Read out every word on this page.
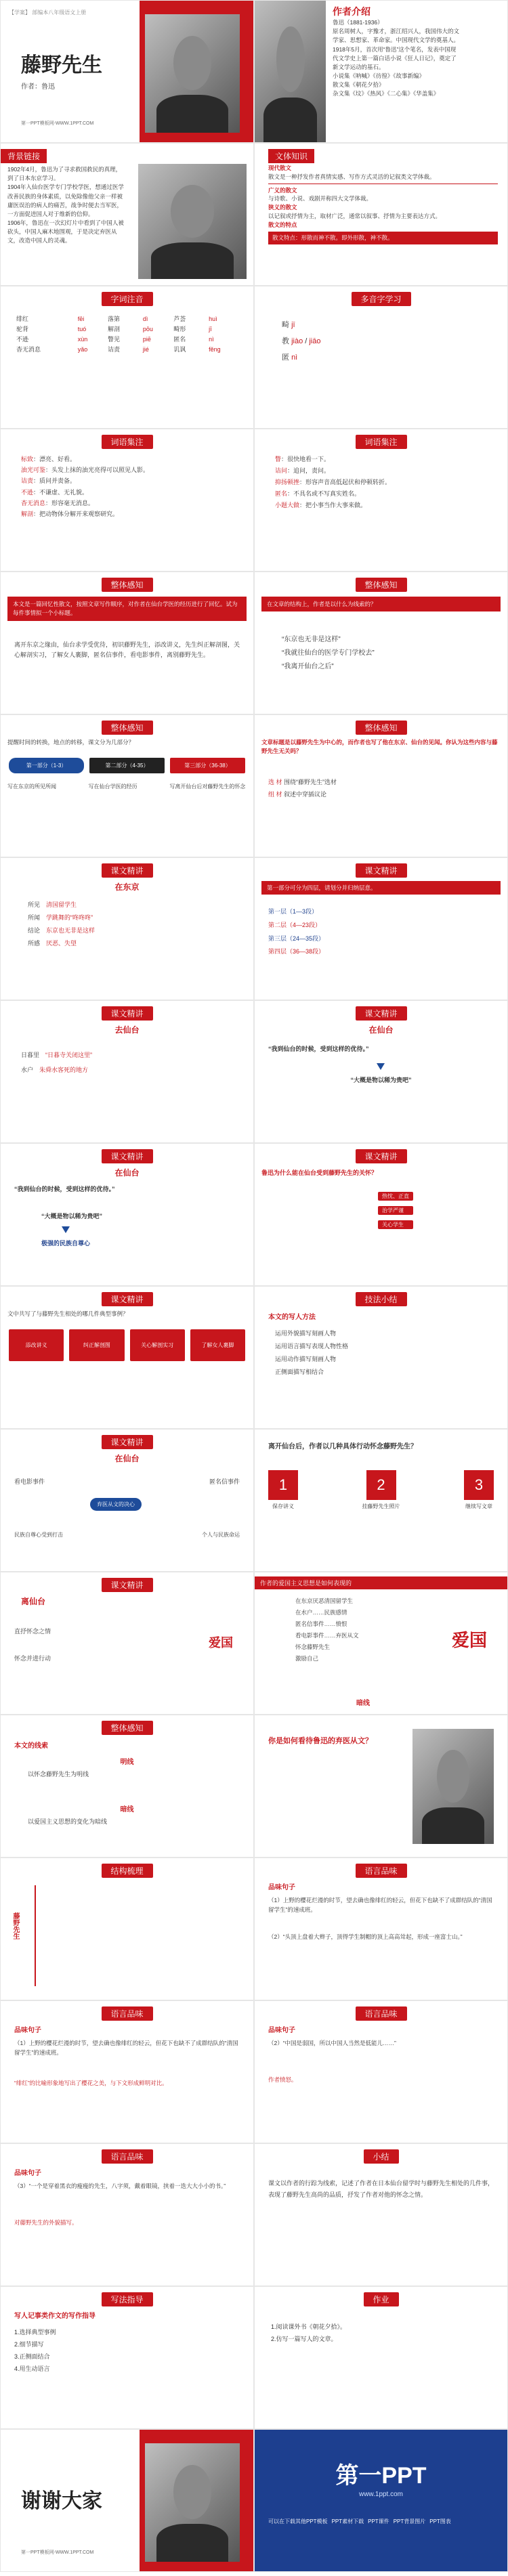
【学案】 部编本八年级语文上册
藤野先生
作者：鲁迅
第一PPT模板网-WWW.1PPT.COM
作者介绍
鲁迅（1881-1936）
原名周树人，字豫才，浙江绍兴人，我国伟大的文
学家、思想家、革命家。中国现代文学的奠基人。
1918年5月，首次用“鲁迅”这个笔名，发表中国现
代文学史上第一篇白话小说《狂人日记》，奠定了
新文学运动的基石。
小说集《呐喊》《彷徨》《故事新编》
散文集《朝花夕拾》
杂文集《坟》《热风》《二心集》《华盖集》
背景链接
1902年4月，鲁迅为了寻求救国救民的真理，到了日本东京学习。
1904年入仙台医学专门学校学医，想通过医学改善民族的身体素质，以免除像他父亲一样被庸医误治的病人的痛苦，战争时便去当军医，一方面促进国人对于维新的信仰。
1906年，鲁迅在一次幻灯片中看到了中国人被砍头，中国人麻木地围观，于是决定弃医从文，改造中国人的灵魂。
文体知识
现代散文
散文是一种抒发作者真情实感、写作方式灵活的记叙类文学体裁。
广义的散文
与诗歌、小说、戏剧并称四大文学体裁。
狭义的散文
以记叙或抒情为主，取材广泛，通常以叙事、抒情为主要表达方式。
散文的特点
散文特点：形散而神不散。即外形散，神不散。
字词注音
绯红	fēi	落第	dì	芦荟	huì
驼背	tuó	解剖	pōu	畸形	jī
不逊	xùn	瞥见	piē	匿名	nì
杳无消息	yǎo	诘责	jié	讥讽	fěng
多音字学习
畸 jī
教 jiào / jiāo
匿 nì
词语集注
标致：漂亮、好看。
油光可鉴：头发上抹的油光亮得可以照见人影。
诘责：质问并责备。
不逊：不谦虚、无礼貌。
杳无消息：形容毫无消息。
解剖：把动物体分解开来观察研究。
词语集注
瞥：很快地看一下。
诘问：追问，责问。
抑扬顿挫：形容声音高低起伏和停顿转折。
匿名：不具名或不写真实姓名。
小题大做：把小事当作大事来做。
整体感知
本文是一篇回忆性散文，按照文章写作顺序，对作者在仙台学医的经历进行了回忆。试为每件事情拟一个小标题。
离开东京之缘由，仙台求学受优待，初识藤野先生，添改讲义，先生纠正解剖图，关心解剖实习，了解女人裹脚，匿名信事件，看电影事件，离别藤野先生。
整体感知
在文章的结构上，作者是以什么为线索的？
“东京也无非是这样”
“我就往仙台的医学专门学校去”
“我离开仙台之后”
整体感知
提醒时间的转换，地点的转移，课文分为几部分？
第一部分（1-3）	第二部分（4-35）	第三部分（36-38）
写在东京的所见所闻	写在仙台学医的经历	写离开仙台后对藤野先生的怀念
整体感知
文章标题是以藤野先生为中心的，而作者也写了他在东京、仙台的见闻。你认为这些内容与藤野先生无关吗？
选 材 围绕“藤野先生”选材
组 材 叙述中穿插议论
课文精讲
在东京
所见　 清国留学生
所闻　 学跳舞的“咚咚咚”
结论　 东京也无非是这样
所感　 厌恶、失望
课文精讲
第一部分可分为四层，请划分并归纳层意。
第一层（1—3段）
第二层（4—23段）
第三层（24—35段）
第四层（36—38段）
课文精讲
去仙台
日暮里　 “日暮寺关闭这里”
水户　 朱舜水客死的地方
课文精讲
在仙台
“我到仙台的时候，受到这样的优待。”
“大概是物以稀为贵吧”
课文精讲
在仙台
“我到仙台的时候，受到这样的优待。”
“大概是物以稀为贵吧”
极强的民族自尊心
课文精讲
鲁迅为什么能在仙台受到藤野先生的关怀？
热忱、正直
治学严谨
关心学生
课文精讲
文中共写了与藤野先生相处的哪几件典型事例？
添改讲义	纠正解剖图	关心解剖实习	了解女人裹脚
技法小结
本文的写人方法
运用外貌描写刻画人物
运用语言描写表现人物性格
运用动作描写刻画人物
正侧面描写相结合
课文精讲
在仙台
看电影事件	匿名信事件
弃医从文的决心
民族自尊心受到打击	个人与民族命运
离开仙台后，作者以几种具体行动怀念藤野先生？
1
保存讲义
2
挂藤野先生照片
3
继续写文章
课文精讲
离仙台
直抒怀念之情
怀念并进行动
爱国
作者的爱国主义思想是如何表现的
在东京厌恶清国留学生
在水户……民族感情
匿名信事件……愤恨
看电影事件……弃医从文
怀念藤野先生
激励自己
爱国
暗线
整体感知
本文的线索
明线
以怀念藤野先生为明线
暗线
以爱国主义思想的变化为暗线
你是如何看待鲁迅的弃医从文？
结构梳理
藤野先生
语言品味
品味句子
（1）上野的樱花烂漫的时节，望去确也像绯红的轻云，但花下也缺不了成群结队的“清国留学生”的速成班。
（2）“头顶上盘着大辫子，顶得学生制帽的顶上高高耸起，形成一座富士山。”
语言品味
品味句子
（1）上野的樱花烂漫的时节，望去确也像绯红的轻云，但花下也缺不了成群结队的“清国留学生”的速成班。
“绯红”的比喻形象地写出了樱花之美，与下文形成鲜明对比。
语言品味
品味句子
（2）“中国是弱国，所以中国人当然是低能儿……”
作者愤怒。
语言品味
品味句子
（3）“一个是穿着黑衣的瘦瘦的先生，八字须，戴着眼镜，挟着一迭大大小小的书。”
对藤野先生的外貌描写。
小结
课文以作者的行踪为线索，记述了作者在日本仙台留学时与藤野先生相处的几件事，表现了藤野先生高尚的品质，抒发了作者对他的怀念之情。
写法指导
写人记事类作文的写作指导
1.选择典型事例
2.细节描写
3.正侧面结合
4.用生动语言
作业
1.阅读课外书《朝花夕拾》。
2.仿写一篇写人的文章。
谢谢大家
第一PPT模板网-WWW.1PPT.COM
第一PPT
www.1ppt.com
可以在下载其他PPT模板 PPT素材下载 PPT课件 PPT背景图片 PPT图表
